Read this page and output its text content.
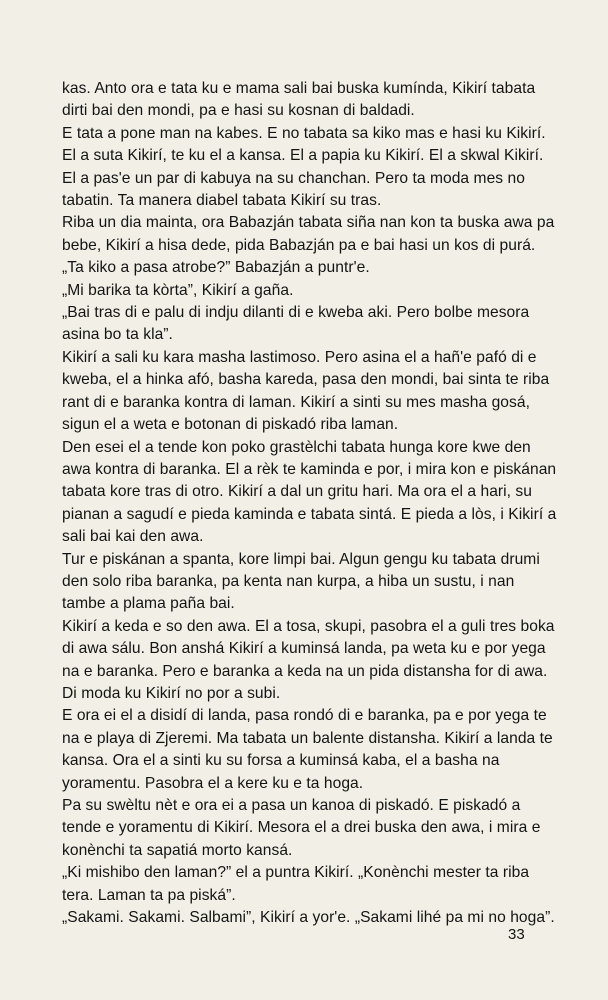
kas. Anto ora e tata ku e mama sali bai buska kumínda, Kikirí tabata dirti bai den mondi, pa e hasi su kosnan di baldadi.

E tata a pone man na kabes. E no tabata sa kiko mas e hasi ku Kikirí. El a suta Kikirí, te ku el a kansa. El a papia ku Kikirí. El a skwal Kikirí. El a pas'e un par di kabuya na su chanchan. Pero ta moda mes no tabatin. Ta manera diabel tabata Kikirí su tras.

Riba un dia mainta, ora Babazján tabata siña nan kon ta buska awa pa bebe, Kikirí a hisa dede, pida Babazján pa e bai hasi un kos di purá.

„Ta kiko a pasa atrobe?” Babazján a puntr'e.

„Mi barika ta kòrta”, Kikirí a gaña.

„Bai tras di e palu di indju dilanti di e kweba aki. Pero bolbe mesora asina bo ta kla”.

Kikirí a sali ku kara masha lastimoso. Pero asina el a hañ'e pafó di e kweba, el a hinka afó, basha kareda, pasa den mondi, bai sinta te riba rant di e baranka kontra di laman. Kikirí a sinti su mes masha gosá, sigun el a weta e botonan di piskadó riba laman.

Den esei el a tende kon poko grastèlchi tabata hunga kore kwe den awa kontra di baranka. El a rèk te kaminda e por, i mira kon e piskánan tabata kore tras di otro. Kikirí a dal un gritu hari. Ma ora el a hari, su pianan a sagudí e pieda kaminda e tabata sintá. E pieda a lòs, i Kikirí a sali bai kai den awa.

Tur e piskánan a spanta, kore limpi bai. Algun gengu ku tabata drumi den solo riba baranka, pa kenta nan kurpa, a hiba un sustu, i nan tambe a plama paña bai.

Kikirí a keda e so den awa. El a tosa, skupi, pasobra el a guli tres boka di awa sálu. Bon anshá Kikirí a kuminsá landa, pa weta ku e por yega na e baranka. Pero e baranka a keda na un pida distansha for di awa. Di moda ku Kikirí no por a subi.

E ora ei el a disidí di landa, pasa rondó di e baranka, pa e por yega te na e playa di Zjeremi. Ma tabata un balente distansha. Kikirí a landa te kansa. Ora el a sinti ku su forsa a kuminsá kaba, el a basha na yoramentu. Pasobra el a kere ku e ta hoga.

Pa su swèltu nèt e ora ei a pasa un kanoa di piskadó. E piskadó a tende e yoramentu di Kikirí. Mesora el a drei buska den awa, i mira e konènchi ta sapatiá morto kansá.

„Ki mishibo den laman?” el a puntra Kikirí. „Konènchi mester ta riba tera. Laman ta pa piská”.

„Sakami. Sakami. Salbami”, Kikirí a yor'e. „Sakami lihé pa mi no hoga”.

33
